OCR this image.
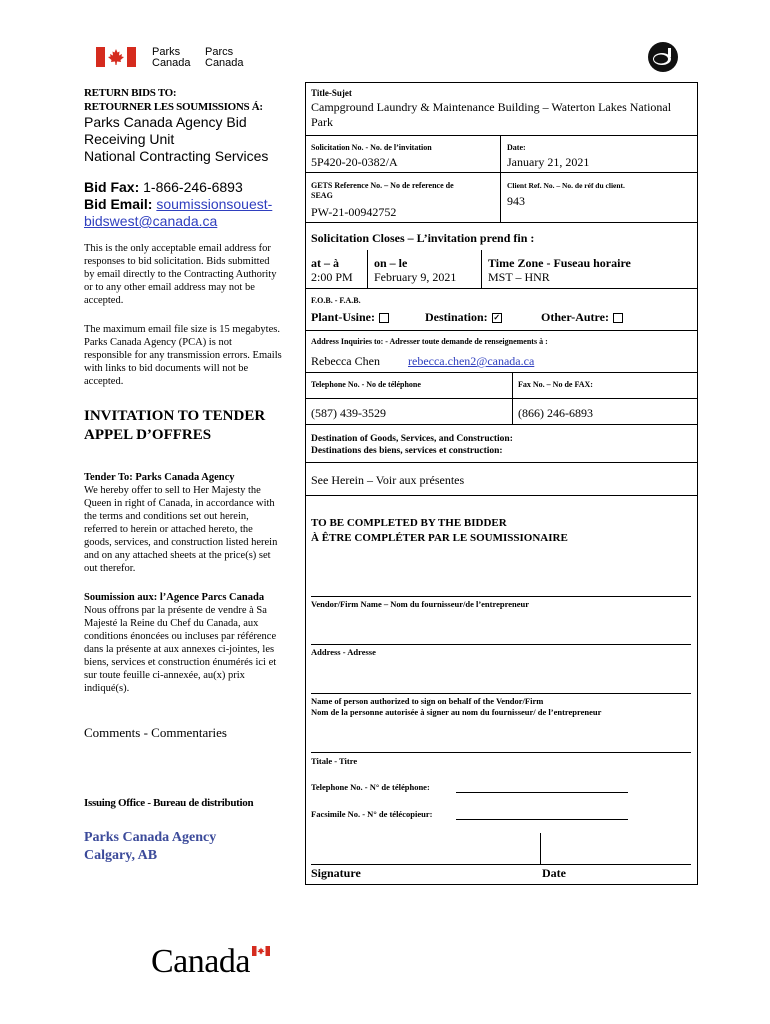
Parks
Canada
Parcs
Canada
RETURN BIDS TO:
RETOURNER LES SOUMISSIONS Á:
Parks Canada Agency Bid
Receiving Unit
National Contracting Services
Bid Fax: 1-866-246-6893
Bid Email: soumissionsouest-
bidswest@canada.ca
This is the only acceptable email address for
responses to bid solicitation. Bids submitted
by email directly to the Contracting Authority
or to any other email address may not be
accepted.
The maximum email file size is 15 megabytes.
Parks Canada Agency (PCA) is not
responsible for any transmission errors. Emails
with links to bid documents will not be
accepted.
INVITATION TO TENDER
APPEL D’OFFRES
Tender To: Parks Canada Agency
We hereby offer to sell to Her Majesty the
Queen in right of Canada, in accordance with
the terms and conditions set out herein,
referred to herein or attached hereto, the
goods, services, and construction listed herein
and on any attached sheets at the price(s) set
out therefor.
Soumission aux: l’Agence Parcs Canada
Nous offrons par la présente de vendre à Sa
Majesté la Reine du Chef du Canada, aux
conditions énoncées ou incluses par référence
dans la présente at aux annexes ci-jointes, les
biens, services et construction énumérés ici et
sur toute feuille ci-annexée, au(x) prix
indiqué(s).
Comments - Commentaries
Issuing Office - Bureau de distribution
Parks Canada Agency
Calgary, AB
Title-Sujet
Campground Laundry & Maintenance Building – Waterton Lakes National
Park
Solicitation No. - No. de l’invitation
5P420-20-0382/A
Date:
January 21, 2021
GETS Reference No. – No de reference de
SEAG
PW-21-00942752
Client Ref. No. – No. de réf du client.
943
Solicitation Closes – L’invitation prend fin :
at – à
2:00 PM
on – le
February 9, 2021
Time Zone - Fuseau horaire
MST – HNR
F.O.B. - F.A.B.
Plant-Usine:	Destination: ✓	Other-Autre:
Address Inquiries to: - Adresser toute demande de renseignements à :
Rebecca Chen rebecca.chen2@canada.ca
Telephone No. - No de téléphone	Fax No. – No de FAX:
(587) 439-3529	(866) 246-6893
Destination of Goods, Services, and Construction:
Destinations des biens, services et construction:
See Herein – Voir aux présentes
TO BE COMPLETED BY THE BIDDER
À ÊTRE COMPLÉTER PAR LE SOUMISSIONAIRE
Vendor/Firm Name – Nom du fournisseur/de l’entrepreneur
Address - Adresse
Name of person authorized to sign on behalf of the Vendor/Firm
Nom de la personne autorisée à signer au nom du fournisseur/ de l’entrepreneur
Titale - Titre
Telephone No. - N° de téléphone:
Facsimile No. - N° de télécopieur:
Signature	Date
Canada
